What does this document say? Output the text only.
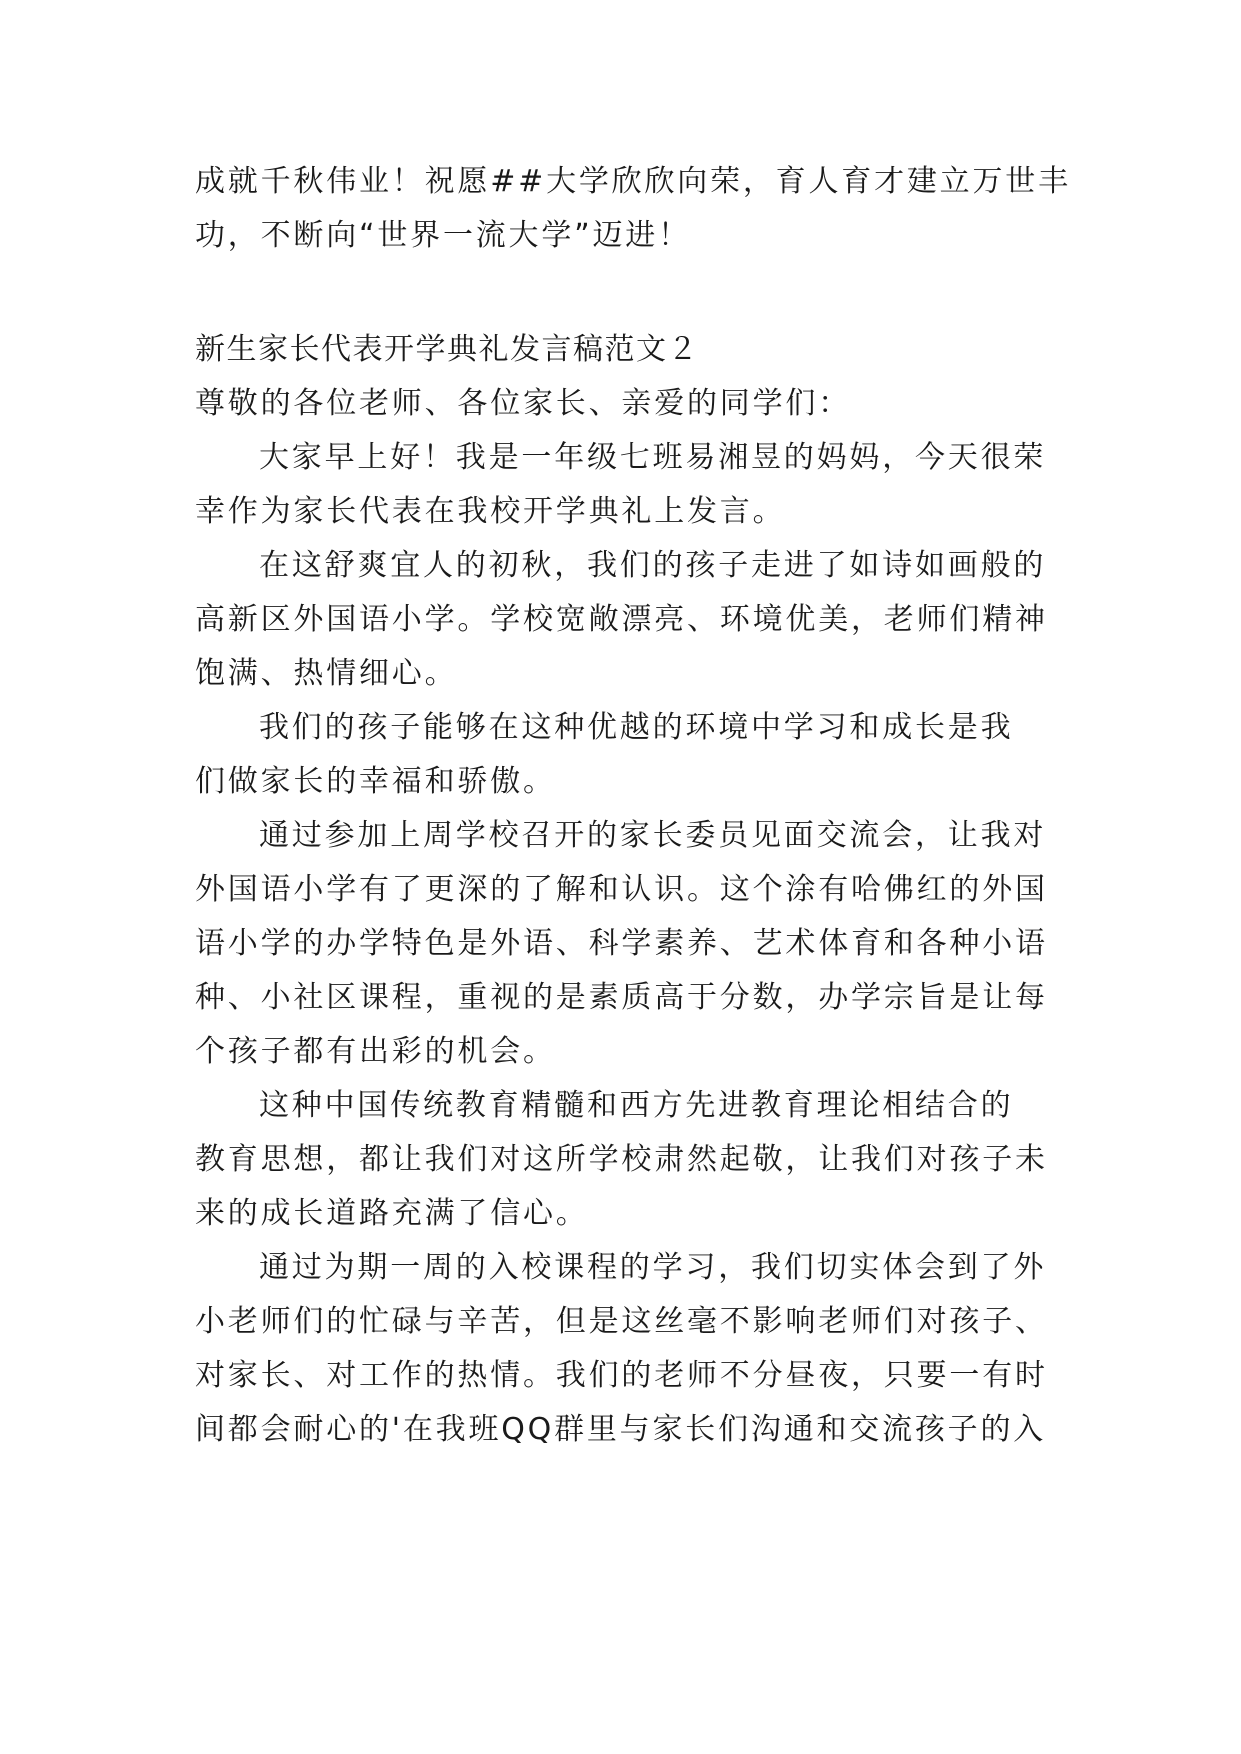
成就千秋伟业！祝愿##大学欣欣向荣，育人育才建立万世丰
功，不断向“世界一流大学”迈进！
新生家长代表开学典礼发言稿范文２
尊敬的各位老师、各位家长、亲爱的同学们：
大家早上好！我是一年级七班易湘昱的妈妈，今天很荣
幸作为家长代表在我校开学典礼上发言。
在这舒爽宜人的初秋，我们的孩子走进了如诗如画般的
高新区外国语小学。学校宽敞漂亮、环境优美，老师们精神
饱满、热情细心。
我们的孩子能够在这种优越的环境中学习和成长是我
们做家长的幸福和骄傲。
通过参加上周学校召开的家长委员见面交流会，让我对
外国语小学有了更深的了解和认识。这个涂有哈佛红的外国
语小学的办学特色是外语、科学素养、艺术体育和各种小语
种、小社区课程，重视的是素质高于分数，办学宗旨是让每
个孩子都有出彩的机会。
这种中国传统教育精髓和西方先进教育理论相结合的
教育思想，都让我们对这所学校肃然起敬，让我们对孩子未
来的成长道路充满了信心。
通过为期一周的入校课程的学习，我们切实体会到了外
小老师们的忙碌与辛苦，但是这丝毫不影响老师们对孩子、
对家长、对工作的热情。我们的老师不分昼夜，只要一有时
间都会耐心的'在我班QQ群里与家长们沟通和交流孩子的入
